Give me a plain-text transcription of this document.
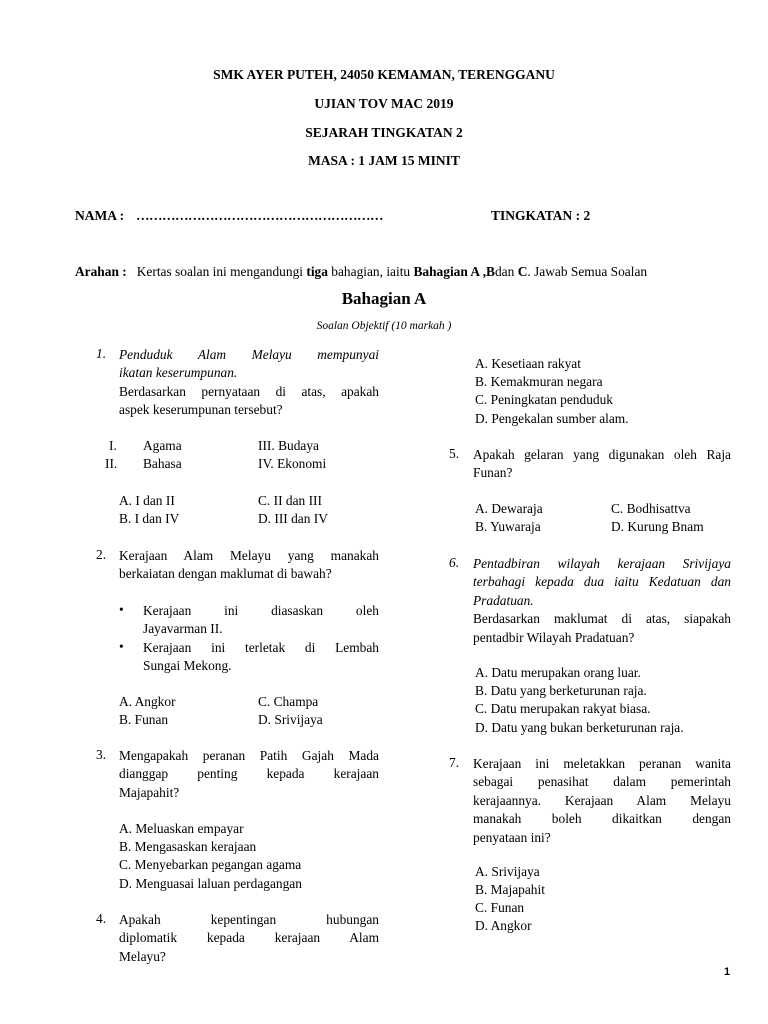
SMK AYER PUTEH, 24050 KEMAMAN, TERENGGANU
UJIAN TOV MAC 2019
SEJARAH TINGKATAN 2
MASA : 1 JAM 15 MINIT
NAMA : …………………………………………………	TINGKATAN : 2
Arahan : Kertas soalan ini mengandungi tiga bahagian, iaitu Bahagian A ,Bdan C. Jawab Semua Soalan
Bahagian A
Soalan Objektif (10 markah )
1. Penduduk Alam Melayu mempunyai
ikatan keserumpunan.
Berdasarkan pernyataan di atas, apakah
aspek keserumpunan tersebut?
I. Agama
II. Bahasa
III. Budaya
IV. Ekonomi
A. I dan II
B. I dan IV
C. II dan III
D. III dan IV
2. Kerajaan Alam Melayu yang manakah
berkaiatan dengan maklumat di bawah?
• Kerajaan ini diasaskan oleh
Jayavarman II.
• Kerajaan ini terletak di Lembah
Sungai Mekong.
A. Angkor
B. Funan
C. Champa
D. Srivijaya
3. Mengapakah peranan Patih Gajah Mada
dianggap penting kepada kerajaan
Majapahit?
A. Meluaskan empayar
B. Mengasaskan kerajaan
C. Menyebarkan pegangan agama
D. Menguasai laluan perdagangan
4. Apakah kepentingan hubungan
diplomatik kepada kerajaan Alam
Melayu?
A. Kesetiaan rakyat
B. Kemakmuran negara
C. Peningkatan penduduk
D. Pengekalan sumber alam.
5. Apakah gelaran yang digunakan oleh Raja
Funan?
A. Dewaraja
B. Yuwaraja
C. Bodhisattva
D. Kurung Bnam
6. Pentadbiran wilayah kerajaan Srivijaya
terbahagi kepada dua iaitu Kedatuan dan
Pradatuan.
Berdasarkan maklumat di atas, siapakah
pentadbir Wilayah Pradatuan?
A. Datu merupakan orang luar.
B. Datu yang berketurunan raja.
C. Datu merupakan rakyat biasa.
D. Datu yang bukan berketurunan raja.
7. Kerajaan ini meletakkan peranan wanita
sebagai penasihat dalam pemerintah
kerajaannya. Kerajaan Alam Melayu
manakah boleh dikaitkan dengan
penyataan ini?
A. Srivijaya
B. Majapahit
C. Funan
D. Angkor
1
